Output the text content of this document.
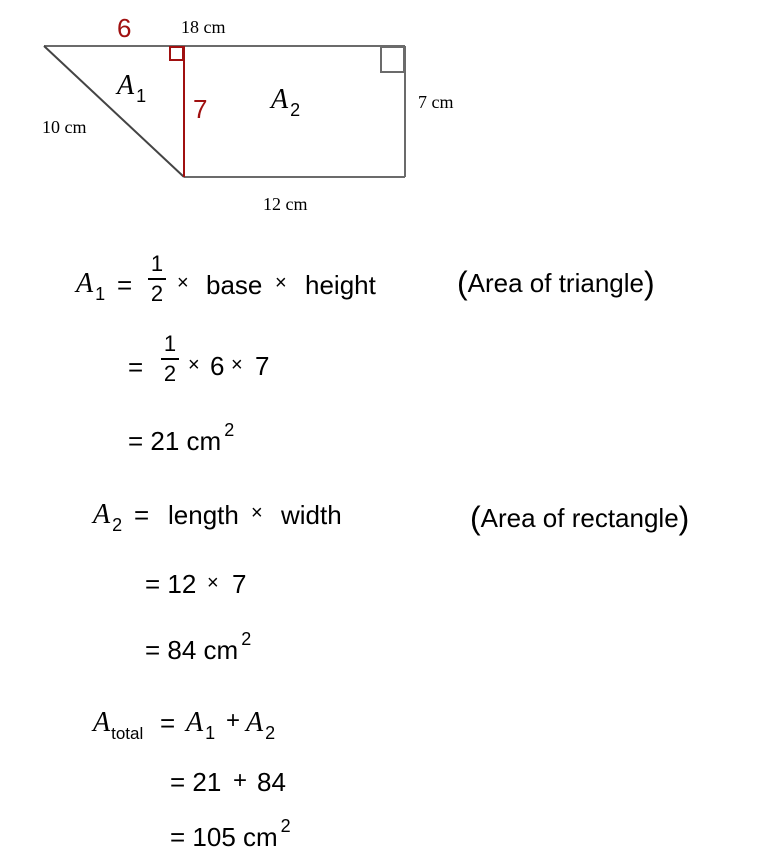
6	18 cm
10 cm
7 cm
12 cm
7
A $_1$	A $_2$
A $_1$ =
1
2 × base × height	(Area of triangle)
=
1
2 × 6 × 7
= 21 cm $^2$
A $_2$ = length × width	(Area of rectangle)
= 12 × 7
= 84 cm $^2$
$A_{total} = A$ $_1$ + A $_2$
= 21 + 84
= 105 cm $^2$
